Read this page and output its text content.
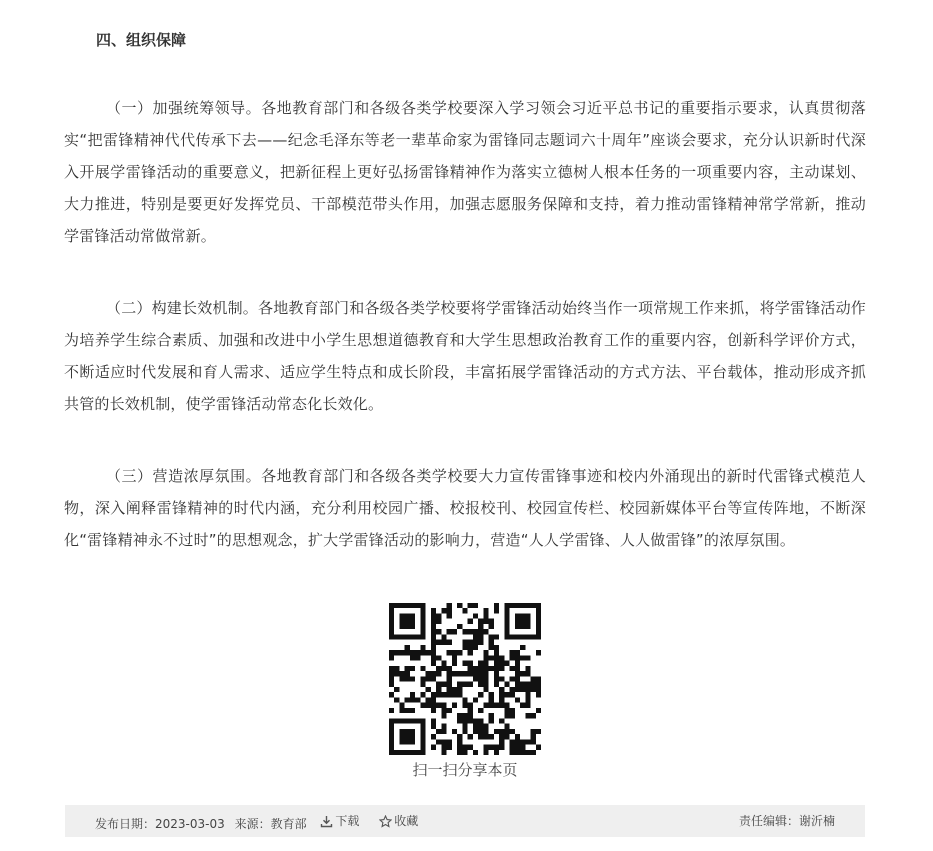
四、组织保障

（一）加强统筹领导。各地教育部门和各级各类学校要深入学习领会习近平总书记的重要指示要求，认真贯彻落实“把雷锋精神代代传承下去——纪念毛泽东等老一辈革命家为雷锋同志题词六十周年”座谈会要求，充分认识新时代深入开展学雷锋活动的重要意义，把新征程上更好弘扬雷锋精神作为落实立德树人根本任务的一项重要内容，主动谋划、大力推进，特别是要更好发挥党员、干部模范带头作用，加强志愿服务保障和支持，着力推动雷锋精神常学常新，推动学雷锋活动常做常新。

（二）构建长效机制。各地教育部门和各级各类学校要将学雷锋活动始终当作一项常规工作来抓，将学雷锋活动作为培养学生综合素质、加强和改进中小学生思想道德教育和大学生思想政治教育工作的重要内容，创新科学评价方式，不断适应时代发展和育人需求、适应学生特点和成长阶段，丰富拓展学雷锋活动的方式方法、平台载体，推动形成齐抓共管的长效机制，使学雷锋活动常态化长效化。

（三）营造浓厚氛围。各地教育部门和各级各类学校要大力宣传雷锋事迹和校内外涌现出的新时代雷锋式模范人物，深入阐释雷锋精神的时代内涵，充分利用校园广播、校报校刊、校园宣传栏、校园新媒体平台等宣传阵地，不断深化“雷锋精神永不过时”的思想观念，扩大学雷锋活动的影响力，营造“人人学雷锋、人人做雷锋”的浓厚氛围。

扫一扫分享本页
发布日期：2023-03-03 来源：教育部 下载
	收藏	责任编辑：谢沂楠
